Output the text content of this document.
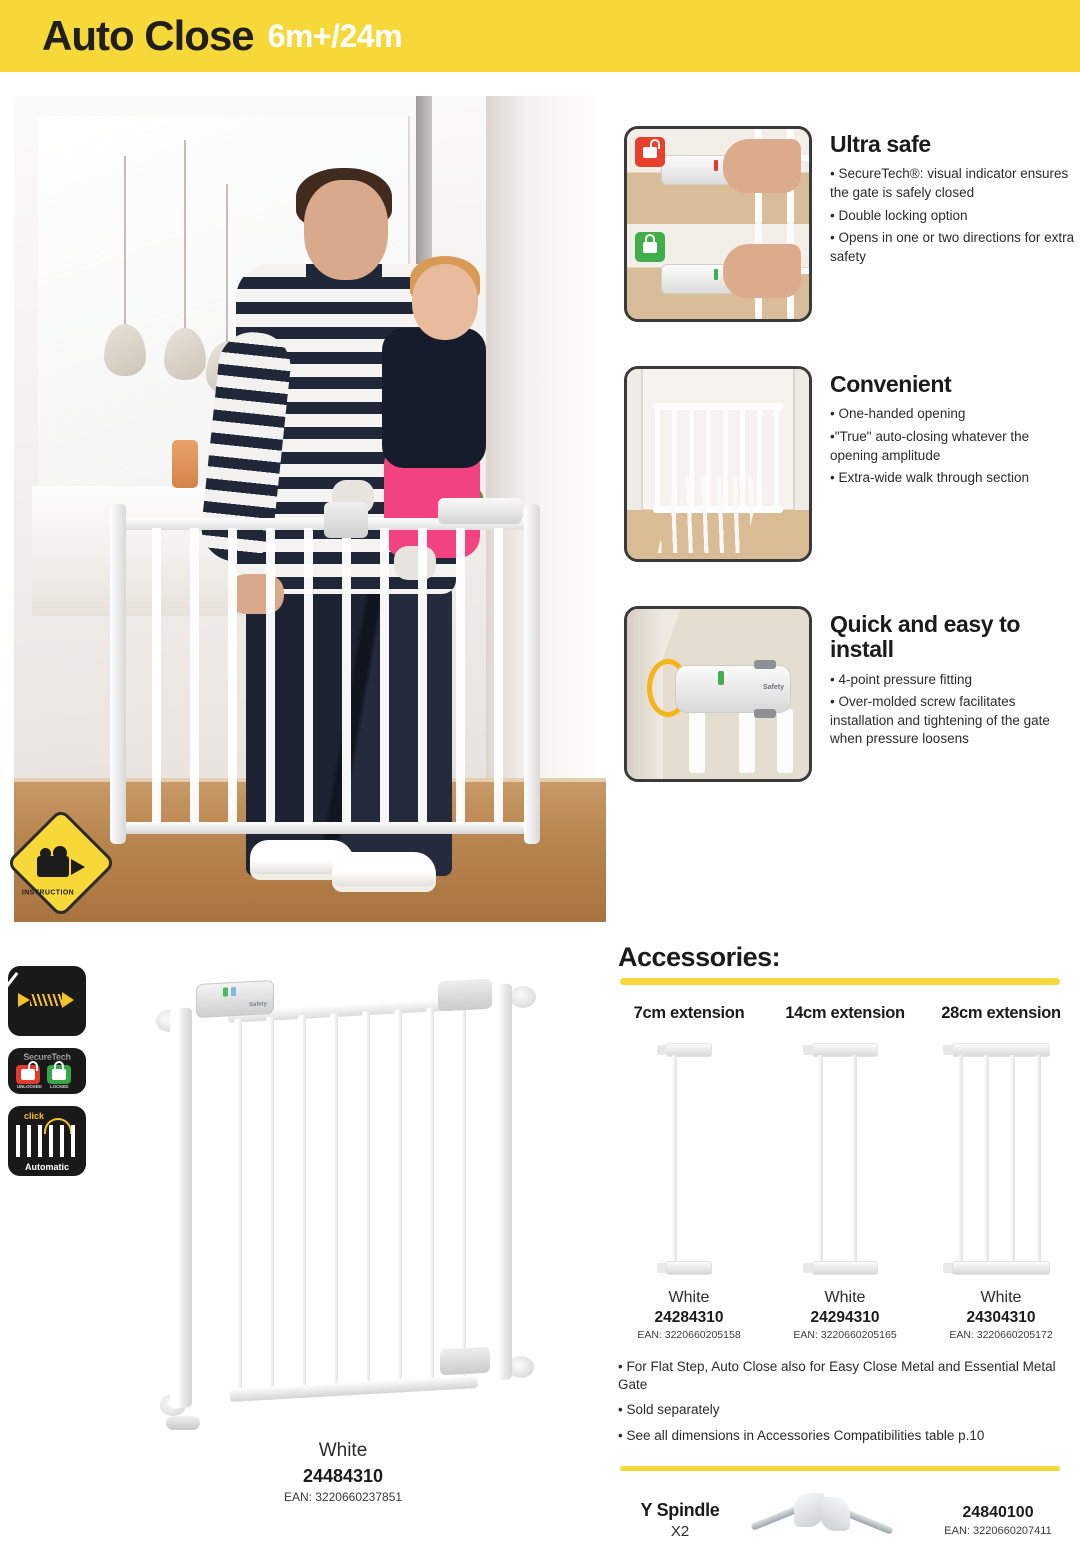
Auto Close 6m+/24m
INSTRUCTION
Ultra safe
• SecureTech®: visual indicator ensures the gate is safely closed
• Double locking option
• Opens in one or two directions for extra safety
Convenient
• One-handed opening
•"True" auto-closing whatever the opening amplitude
• Extra-wide walk through section
Safety
Quick and easy to install
• 4-point pressure fitting
• Over-molded screw facilitates installation and tightening of the gate when pressure loosens
SecureTech
UNLOCKED LOCKED
click
Automatic
Safety
White
24484310
EAN: 3220660237851
Accessories:
7cm extension
White
24284310
EAN: 3220660205158
14cm extension
White
24294310
EAN: 3220660205165
28cm extension
White
24304310
EAN: 3220660205172
• For Flat Step, Auto Close also for Easy Close Metal and Essential Metal Gate
• Sold separately
• See all dimensions in Accessories Compatibilities table p.10
Y Spindle
X2
24840100
EAN: 3220660207411
